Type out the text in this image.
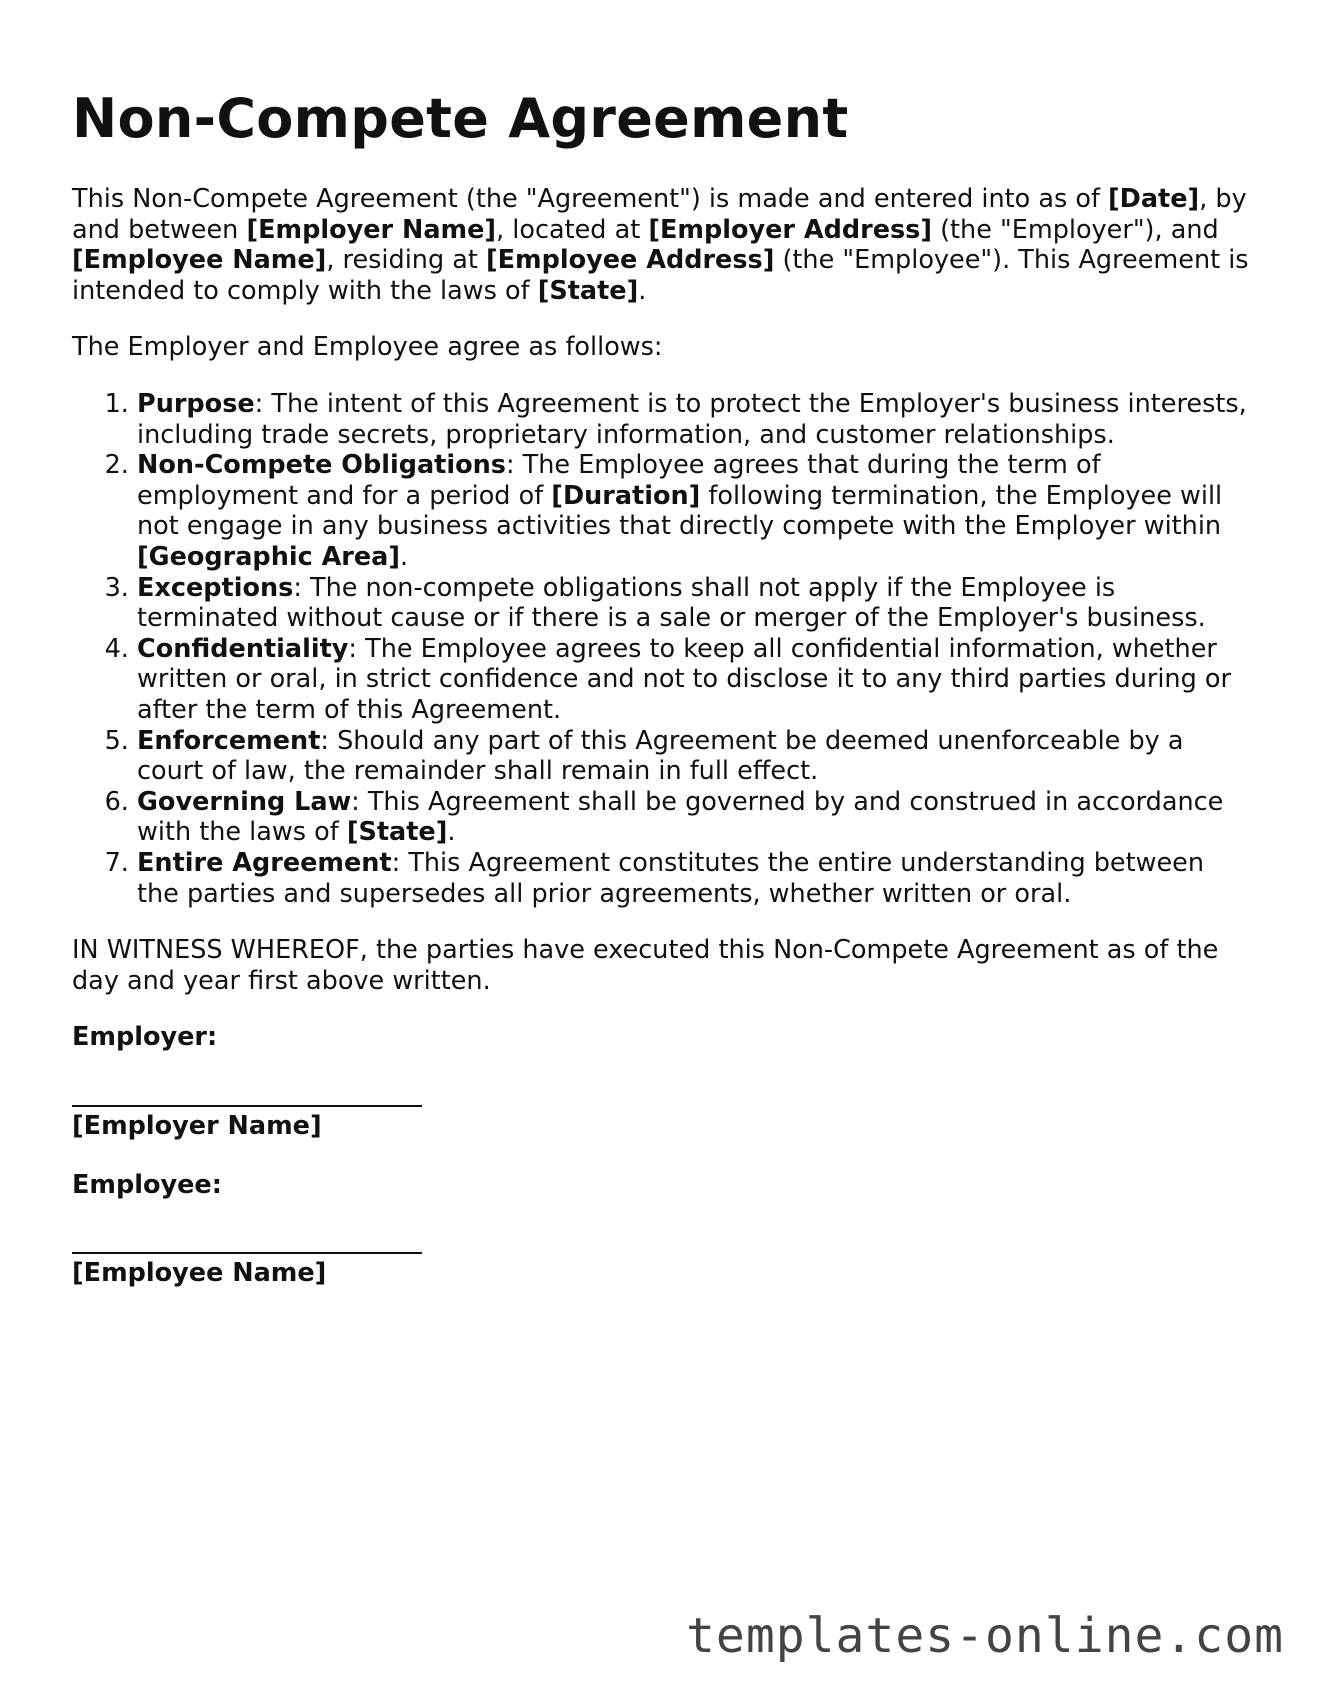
Non-Compete Agreement

This Non-Compete Agreement (the "Agreement") is made and entered into as of [Date], by and between [Employer Name], located at [Employer Address] (the "Employer"), and [Employee Name], residing at [Employee Address] (the "Employee"). This Agreement is intended to comply with the laws of [State].

The Employer and Employee agree as follows:

1. Purpose: The intent of this Agreement is to protect the Employer's business interests, including trade secrets, proprietary information, and customer relationships.
2. Non-Compete Obligations: The Employee agrees that during the term of employment and for a period of [Duration] following termination, the Employee will not engage in any business activities that directly compete with the Employer within [Geographic Area].
3. Exceptions: The non-compete obligations shall not apply if the Employee is terminated without cause or if there is a sale or merger of the Employer's business.
4. Confidentiality: The Employee agrees to keep all confidential information, whether written or oral, in strict confidence and not to disclose it to any third parties during or after the term of this Agreement.
5. Enforcement: Should any part of this Agreement be deemed unenforceable by a court of law, the remainder shall remain in full effect.
6. Governing Law: This Agreement shall be governed by and construed in accordance with the laws of [State].
7. Entire Agreement: This Agreement constitutes the entire understanding between the parties and supersedes all prior agreements, whether written or oral.

IN WITNESS WHEREOF, the parties have executed this Non-Compete Agreement as of the day and year first above written.

Employer:

[Employer Name]

Employee:

[Employee Name]

templates-online.com
